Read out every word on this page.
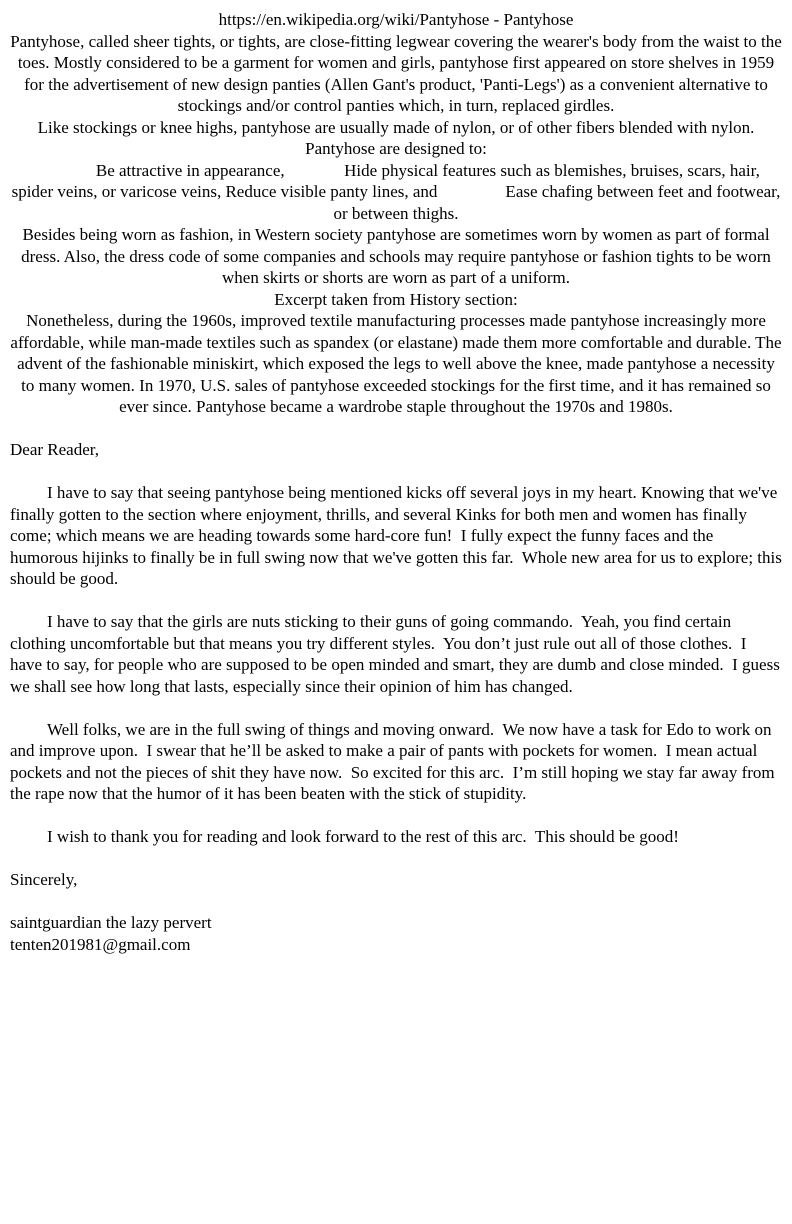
https://en.wikipedia.org/wiki/Pantyhose - Pantyhose

Pantyhose, called sheer tights, or tights, are close-fitting legwear covering the wearer's body from the waist to the toes. Mostly considered to be a garment for women and girls, pantyhose first appeared on store shelves in 1959 for the advertisement of new design panties (Allen Gant's product, 'Panti-Legs') as a convenient alternative to stockings and/or control panties which, in turn, replaced girdles.

Like stockings or knee highs, pantyhose are usually made of nylon, or of other fibers blended with nylon.

Pantyhose are designed to:

Be attractive in appearance,              Hide physical features such as blemishes, bruises, scars, hair, spider veins, or varicose veins, Reduce visible panty lines, and                Ease chafing between feet and footwear, or between thighs.

Besides being worn as fashion, in Western society pantyhose are sometimes worn by women as part of formal dress. Also, the dress code of some companies and schools may require pantyhose or fashion tights to be worn when skirts or shorts are worn as part of a uniform.

Excerpt taken from History section:

Nonetheless, during the 1960s, improved textile manufacturing processes made pantyhose increasingly more affordable, while man-made textiles such as spandex (or elastane) made them more comfortable and durable. The advent of the fashionable miniskirt, which exposed the legs to well above the knee, made pantyhose a necessity to many women. In 1970, U.S. sales of pantyhose exceeded stockings for the first time, and it has remained so ever since. Pantyhose became a wardrobe staple throughout the 1970s and 1980s.

Dear Reader,

I have to say that seeing pantyhose being mentioned kicks off several joys in my heart. Knowing that we've finally gotten to the section where enjoyment, thrills, and several Kinks for both men and women has finally come; which means we are heading towards some hard-core fun!  I fully expect the funny faces and the humorous hijinks to finally be in full swing now that we've gotten this far.  Whole new area for us to explore; this should be good.

I have to say that the girls are nuts sticking to their guns of going commando.  Yeah, you find certain clothing uncomfortable but that means you try different styles.  You don’t just rule out all of those clothes.  I have to say, for people who are supposed to be open minded and smart, they are dumb and close minded.  I guess we shall see how long that lasts, especially since their opinion of him has changed.

Well folks, we are in the full swing of things and moving onward.  We now have a task for Edo to work on and improve upon.  I swear that he’ll be asked to make a pair of pants with pockets for women.  I mean actual pockets and not the pieces of shit they have now.  So excited for this arc.  I’m still hoping we stay far away from the rape now that the humor of it has been beaten with the stick of stupidity.

I wish to thank you for reading and look forward to the rest of this arc.  This should be good!

Sincerely,

saintguardian the lazy pervert
tenten201981@gmail.com
